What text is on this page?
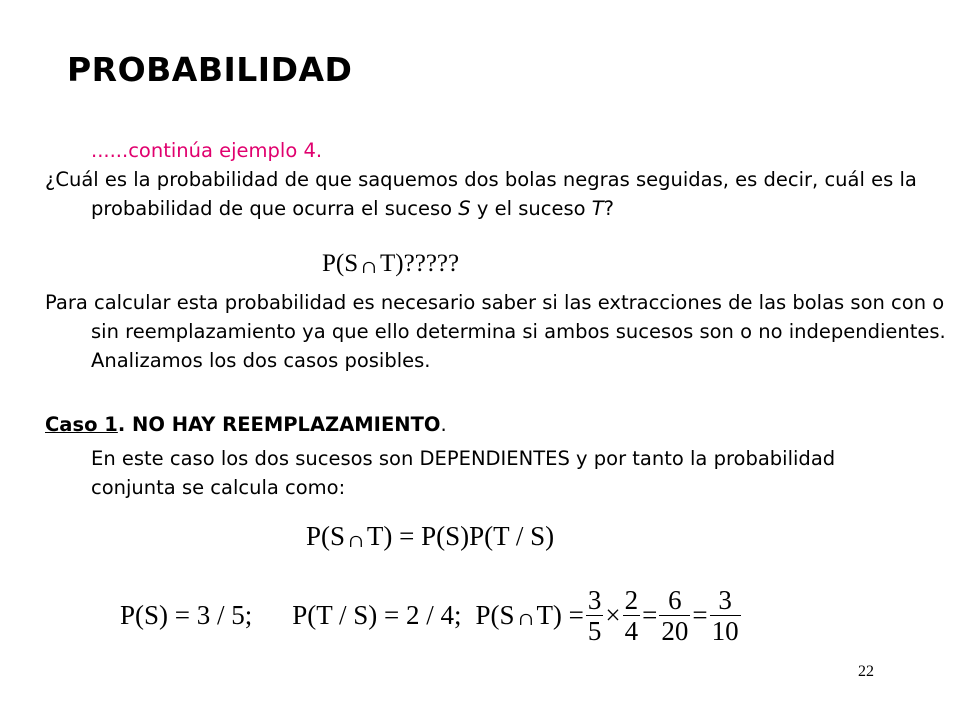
PROBABILIDAD
......continúa ejemplo 4.
¿Cuál es la probabilidad de que saquemos dos bolas negras seguidas, es decir, cuál es la probabilidad de que ocurra el suceso S y el suceso T?
P(S∩T)?????
Para calcular esta probabilidad es necesario saber si las extracciones de las bolas son con o sin reemplazamiento ya que ello determina si ambos sucesos son o no independientes. Analizamos los dos casos posibles.
Caso 1. NO HAY REEMPLAZAMIENTO.
En este caso los dos sucesos son DEPENDIENTES y por tanto la probabilidad conjunta se calcula como:
P(S∩T) = P(S)P(T / S)
P(S) = 3 / 5; P(T / S) = 2 / 4; P(S ∩ $T) = \frac{3}{5} \times \frac{2}{4} = \frac{6}{20} = \frac{3}{10}$
22
